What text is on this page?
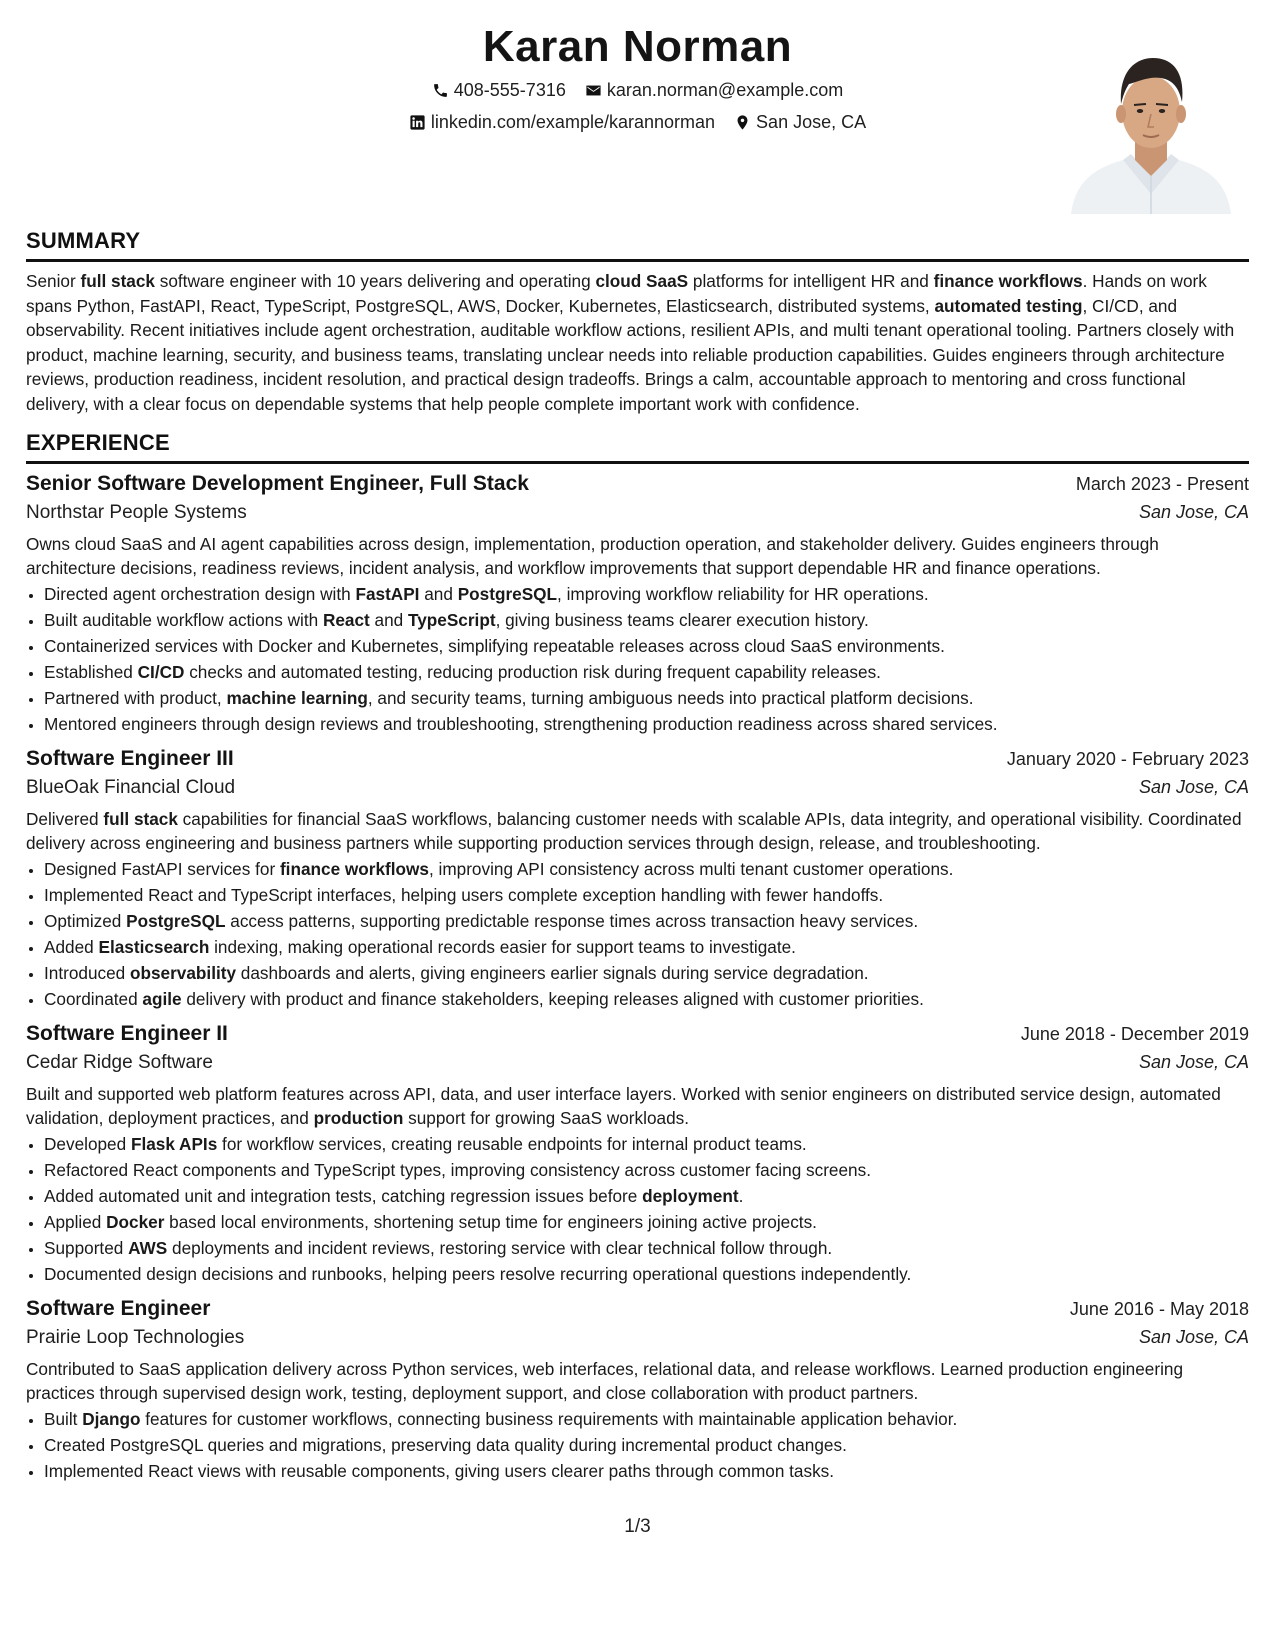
Karan Norman
408-555-7316
karan.norman@example.com
linkedin.com/example/karannorman
San Jose, CA
SUMMARY

Senior full stack software engineer with 10 years delivering and operating cloud SaaS platforms for intelligent HR and finance workflows. Hands on work spans Python, FastAPI, React, TypeScript, PostgreSQL, AWS, Docker, Kubernetes, Elasticsearch, distributed systems, automated testing, CI/CD, and observability. Recent initiatives include agent orchestration, auditable workflow actions, resilient APIs, and multi tenant operational tooling. Partners closely with product, machine learning, security, and business teams, translating unclear needs into reliable production capabilities. Guides engineers through architecture reviews, production readiness, incident resolution, and practical design tradeoffs. Brings a calm, accountable approach to mentoring and cross functional delivery, with a clear focus on dependable systems that help people complete important work with confidence.

EXPERIENCE
Senior Software Development Engineer, Full Stack	March 2023 - Present
Northstar People Systems	San Jose, CA

Owns cloud SaaS and AI agent capabilities across design, implementation, production operation, and stakeholder delivery. Guides engineers through architecture decisions, readiness reviews, incident analysis, and workflow improvements that support dependable HR and finance operations.

• Directed agent orchestration design with FastAPI and PostgreSQL, improving workflow reliability for HR operations.
• Built auditable workflow actions with React and TypeScript, giving business teams clearer execution history.
• Containerized services with Docker and Kubernetes, simplifying repeatable releases across cloud SaaS environments.
• Established CI/CD checks and automated testing, reducing production risk during frequent capability releases.
• Partnered with product, machine learning, and security teams, turning ambiguous needs into practical platform decisions.
• Mentored engineers through design reviews and troubleshooting, strengthening production readiness across shared services.
Software Engineer III	January 2020 - February 2023
BlueOak Financial Cloud	San Jose, CA

Delivered full stack capabilities for financial SaaS workflows, balancing customer needs with scalable APIs, data integrity, and operational visibility. Coordinated delivery across engineering and business partners while supporting production services through design, release, and troubleshooting.

• Designed FastAPI services for finance workflows, improving API consistency across multi tenant customer operations.
• Implemented React and TypeScript interfaces, helping users complete exception handling with fewer handoffs.
• Optimized PostgreSQL access patterns, supporting predictable response times across transaction heavy services.
• Added Elasticsearch indexing, making operational records easier for support teams to investigate.
• Introduced observability dashboards and alerts, giving engineers earlier signals during service degradation.
• Coordinated agile delivery with product and finance stakeholders, keeping releases aligned with customer priorities.
Software Engineer II	June 2018 - December 2019
Cedar Ridge Software	San Jose, CA

Built and supported web platform features across API, data, and user interface layers. Worked with senior engineers on distributed service design, automated validation, deployment practices, and production support for growing SaaS workloads.

• Developed Flask APIs for workflow services, creating reusable endpoints for internal product teams.
• Refactored React components and TypeScript types, improving consistency across customer facing screens.
• Added automated unit and integration tests, catching regression issues before deployment.
• Applied Docker based local environments, shortening setup time for engineers joining active projects.
• Supported AWS deployments and incident reviews, restoring service with clear technical follow through.
• Documented design decisions and runbooks, helping peers resolve recurring operational questions independently.
Software Engineer	June 2016 - May 2018
Prairie Loop Technologies	San Jose, CA

Contributed to SaaS application delivery across Python services, web interfaces, relational data, and release workflows. Learned production engineering practices through supervised design work, testing, deployment support, and close collaboration with product partners.

• Built Django features for customer workflows, connecting business requirements with maintainable application behavior.
• Created PostgreSQL queries and migrations, preserving data quality during incremental product changes.
• Implemented React views with reusable components, giving users clearer paths through common tasks.
1/3
